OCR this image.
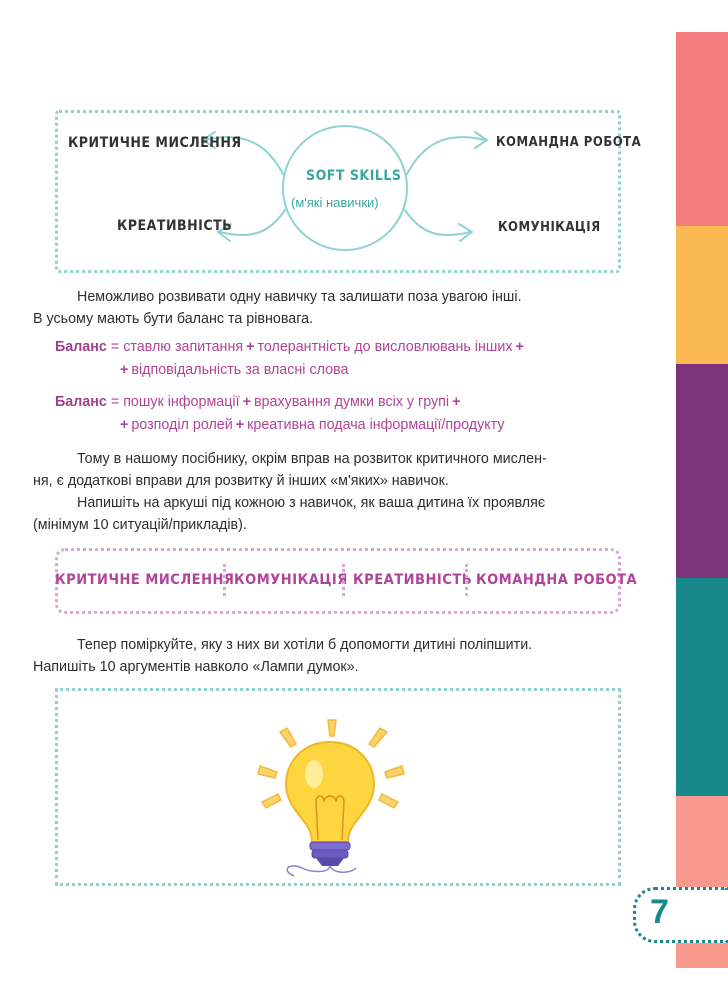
SOFT SKILLS
(м'які навички)
КРИТИЧНЕ МИСЛЕННЯ
КРЕАТИВНІСТЬ
КОМАНДНА РОБОТА
КОМУНІКАЦІЯ

Неможливо розвивати одну навичку та залишати поза увагою інші.
В усьому мають бути баланс та рівновага.

Баланс = ставлю запитання + толерантність до висловлювань інших +
+ відповідальність за власні слова
Баланс = пошук інформації + врахування думки всіх у групі +
+ розподіл ролей + креативна подача інформації/продукту

Тому в нашому посібнику, окрім вправ на розвиток критичного мислен-
ня, є додаткові вправи для розвитку й інших «м'яких» навичок.

Напишіть на аркуші під кожною з навичок, як ваша дитина їх проявляє
(мінімум 10 ситуацій/прикладів).

КРИТИЧНЕ МИСЛЕННЯ КОМУНІКАЦІЯ КРЕАТИВНІСТЬ КОМАНДНА РОБОТА

Тепер поміркуйте, яку з них ви хотіли б допомогти дитині поліпшити.
Напишіть 10 аргументів навколо «Лампи думок».

7
